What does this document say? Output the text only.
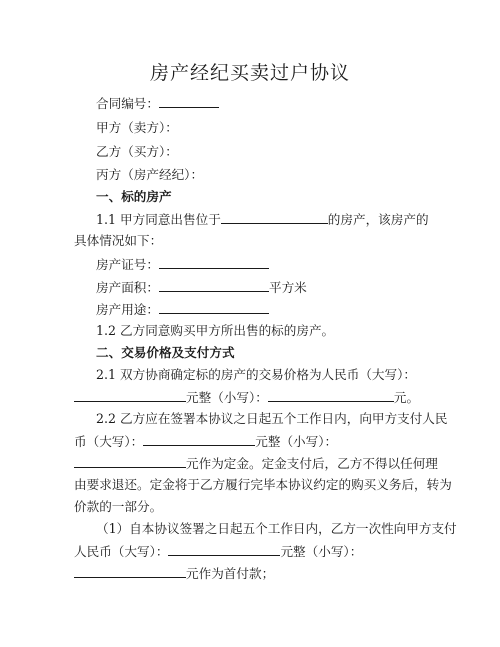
房产经纪买卖过户协议
合同编号：
甲方（卖方）：
乙方（买方）：
丙方（房产经纪）：
一、标的房产
1.1 甲方同意出售位于	的房产，该房产的
具体情况如下：
房产证号：
房产面积：	平方米
房产用途：
1.2 乙方同意购买甲方所出售的标的房产。
二、交易价格及支付方式
2.1 双方协商确定标的房产的交易价格为人民币（大写）：
元整（小写）：	元。
2.2 乙方应在签署本协议之日起五个工作日内，向甲方支付人民
币（大写）：	元整（小写）：
元作为定金。定金支付后，乙方不得以任何理
由要求退还。定金将于乙方履行完毕本协议约定的购买义务后，转为
价款的一部分。
（1）自本协议签署之日起五个工作日内，乙方一次性向甲方支付
人民币（大写）：	元整（小写）：
元作为首付款；
